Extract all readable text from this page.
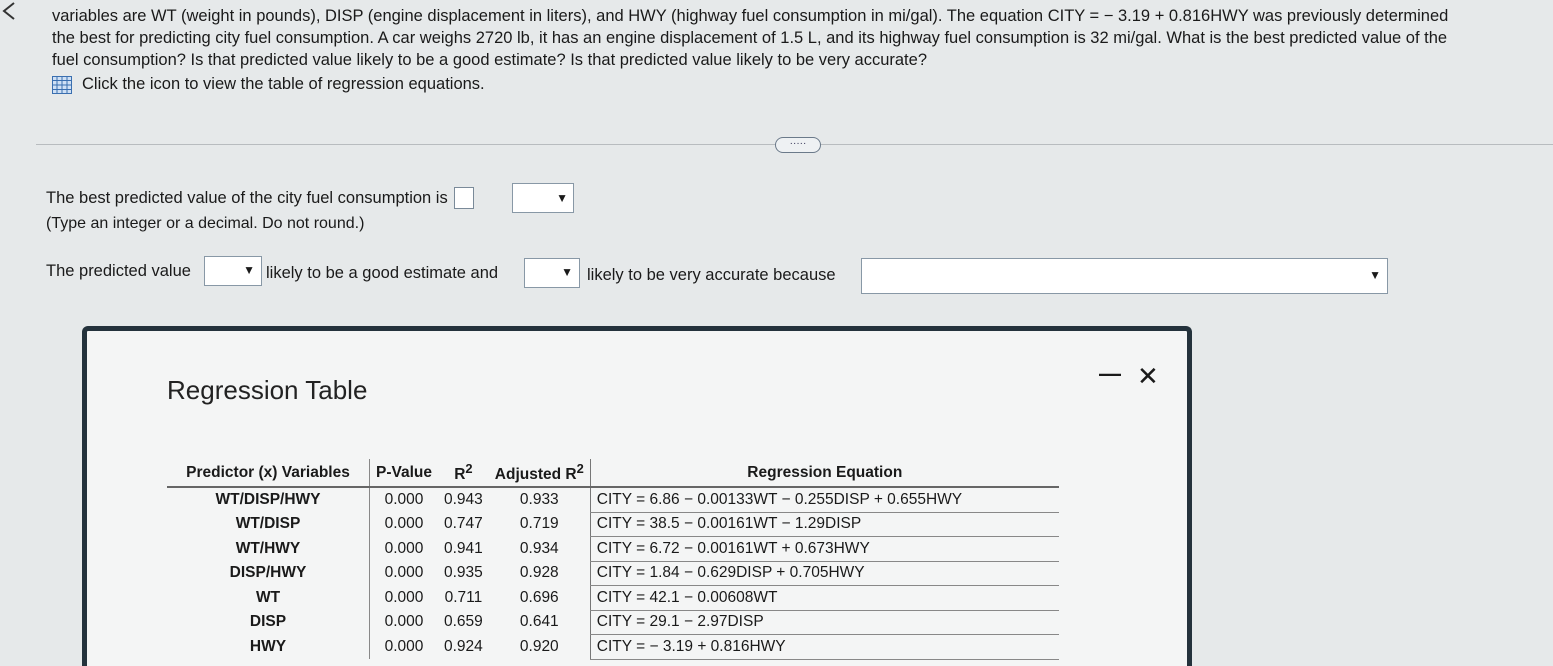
variables are WT (weight in pounds), DISP (engine displacement in liters), and HWY (highway fuel consumption in mi/gal). The equation CITY = − 3.19 + 0.816HWY was previously determined
the best for predicting city fuel consumption. A car weighs 2720 lb, it has an engine displacement of 1.5 L, and its highway fuel consumption is 32 mi/gal. What is the best predicted value of the
fuel consumption? Is that predicted value likely to be a good estimate? Is that predicted value likely to be very accurate?
Click the icon to view the table of regression equations.
·····
The best predicted value of the city fuel consumption is	▼
(Type an integer or a decimal. Do not round.)
The predicted value	▼ likely to be a good estimate and	▼ likely to be very accurate because	▼
Regression Table
— ✕
Predictor (x) Variables	P-Value	$R^2$	Adjusted $R^2$	Regression Equation
WT/DISP/HWY	0.000	0.943	0.933	CITY = 6.86 − 0.00133WT − 0.255DISP + 0.655HWY
WT/DISP	0.000	0.747	0.719	CITY = 38.5 − 0.00161WT − 1.29DISP
WT/HWY	0.000	0.941	0.934	CITY = 6.72 − 0.00161WT + 0.673HWY
DISP/HWY	0.000	0.935	0.928	CITY = 1.84 − 0.629DISP + 0.705HWY
WT	0.000	0.711	0.696	CITY = 42.1 − 0.00608WT
DISP	0.000	0.659	0.641	CITY = 29.1 − 2.97DISP
HWY	0.000	0.924	0.920	CITY = − 3.19 + 0.816HWY
